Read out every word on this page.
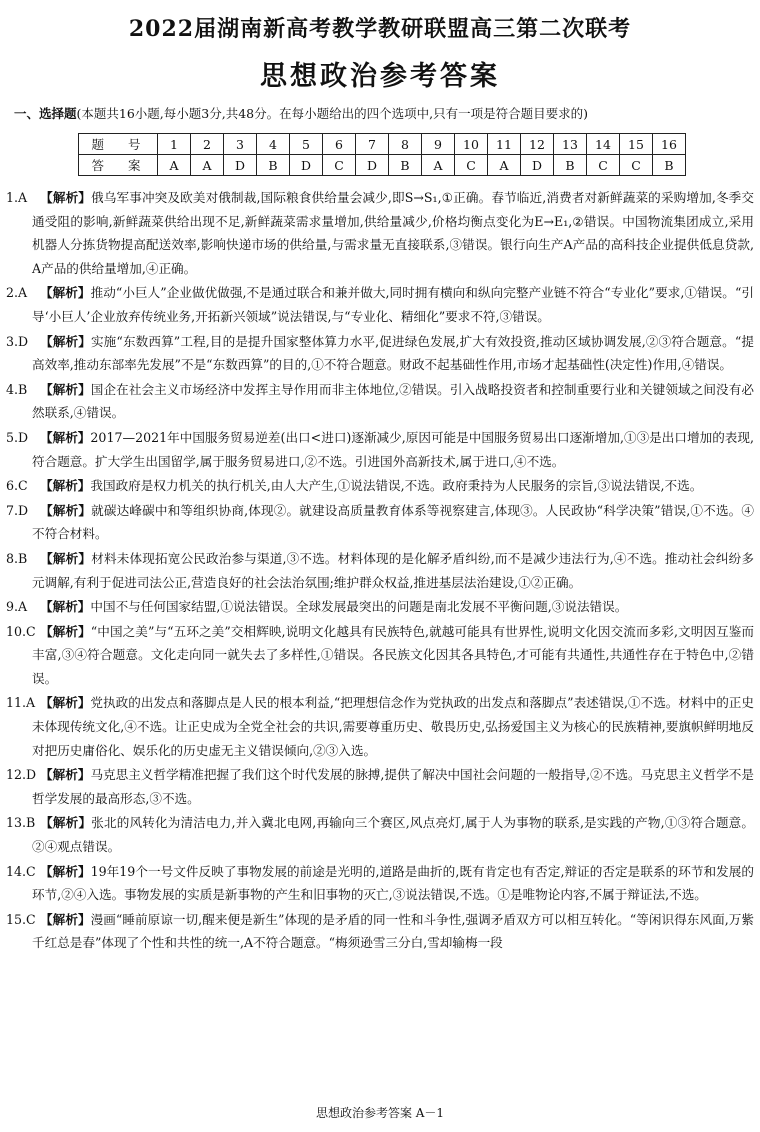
2022届湖南新高考教学教研联盟高三第二次联考
思想政治参考答案
一、选择题(本题共16小题,每小题3分,共48分。在每小题给出的四个选项中,只有一项是符合题目要求的)
题 号	1	2	3	4	5	6	7	8	9	10	11	12	13	14	15	16
答 案	A	A	D	B	D	C	D	B	A	C	A	D	B	C	C	B
1.A 【解析】俄乌军事冲突及欧美对俄制裁,国际粮食供给量会减少,即S→S₁,①正确。春节临近,消费者对新鲜蔬菜的采购增加,冬季交通受阻的影响,新鲜蔬菜供给出现不足,新鲜蔬菜需求量增加,供给量减少,价格均衡点变化为E→E₁,②错误。中国物流集团成立,采用机器人分拣货物提高配送效率,影响快递市场的供给量,与需求量无直接联系,③错误。银行向生产A产品的高科技企业提供低息贷款,A产品的供给量增加,④正确。
2.A 【解析】推动“小巨人”企业做优做强,不是通过联合和兼并做大,同时拥有横向和纵向完整产业链不符合“专业化”要求,①错误。“引导‘小巨人’企业放弃传统业务,开拓新兴领域”说法错误,与“专业化、精细化”要求不符,③错误。
3.D 【解析】实施“东数西算”工程,目的是提升国家整体算力水平,促进绿色发展,扩大有效投资,推动区域协调发展,②③符合题意。“提高效率,推动东部率先发展”不是“东数西算”的目的,①不符合题意。财政不起基础性作用,市场才起基础性(决定性)作用,④错误。
4.B 【解析】国企在社会主义市场经济中发挥主导作用而非主体地位,②错误。引入战略投资者和控制重要行业和关键领域之间没有必然联系,④错误。
5.D 【解析】2017—2021年中国服务贸易逆差(出口<进口)逐渐减少,原因可能是中国服务贸易出口逐渐增加,①③是出口增加的表现,符合题意。扩大学生出国留学,属于服务贸易进口,②不选。引进国外高新技术,属于进口,④不选。
6.C 【解析】我国政府是权力机关的执行机关,由人大产生,①说法错误,不选。政府秉持为人民服务的宗旨,③说法错误,不选。
7.D 【解析】就碳达峰碳中和等组织协商,体现②。就建设高质量教育体系等视察建言,体现③。人民政协“科学决策”错误,①不选。④不符合材料。
8.B 【解析】材料未体现拓宽公民政治参与渠道,③不选。材料体现的是化解矛盾纠纷,而不是减少违法行为,④不选。推动社会纠纷多元调解,有利于促进司法公正,营造良好的社会法治氛围;维护群众权益,推进基层法治建设,①②正确。
9.A 【解析】中国不与任何国家结盟,①说法错误。全球发展最突出的问题是南北发展不平衡问题,③说法错误。
10.C 【解析】“中国之美”与“五环之美”交相辉映,说明文化越具有民族特色,就越可能具有世界性,说明文化因交流而多彩,文明因互鉴而丰富,③④符合题意。文化走向同一就失去了多样性,①错误。各民族文化因其各具特色,才可能有共通性,共通性存在于特色中,②错误。
11.A 【解析】党执政的出发点和落脚点是人民的根本利益,“把理想信念作为党执政的出发点和落脚点”表述错误,①不选。材料中的正史未体现传统文化,④不选。让正史成为全党全社会的共识,需要尊重历史、敬畏历史,弘扬爱国主义为核心的民族精神,要旗帜鲜明地反对把历史庸俗化、娱乐化的历史虚无主义错误倾向,②③入选。
12.D 【解析】马克思主义哲学精准把握了我们这个时代发展的脉搏,提供了解决中国社会问题的一般指导,②不选。马克思主义哲学不是哲学发展的最高形态,③不选。
13.B 【解析】张北的风转化为清洁电力,并入冀北电网,再输向三个赛区,风点亮灯,属于人为事物的联系,是实践的产物,①③符合题意。②④观点错误。
14.C 【解析】19年19个一号文件反映了事物发展的前途是光明的,道路是曲折的,既有肯定也有否定,辩证的否定是联系的环节和发展的环节,②④入选。事物发展的实质是新事物的产生和旧事物的灭亡,③说法错误,不选。①是唯物论内容,不属于辩证法,不选。
15.C 【解析】漫画“睡前原谅一切,醒来便是新生”体现的是矛盾的同一性和斗争性,强调矛盾双方可以相互转化。“等闲识得东风面,万紫千红总是春”体现了个性和共性的统一,A不符合题意。“梅须逊雪三分白,雪却输梅一段
思想政治参考答案 A－1
